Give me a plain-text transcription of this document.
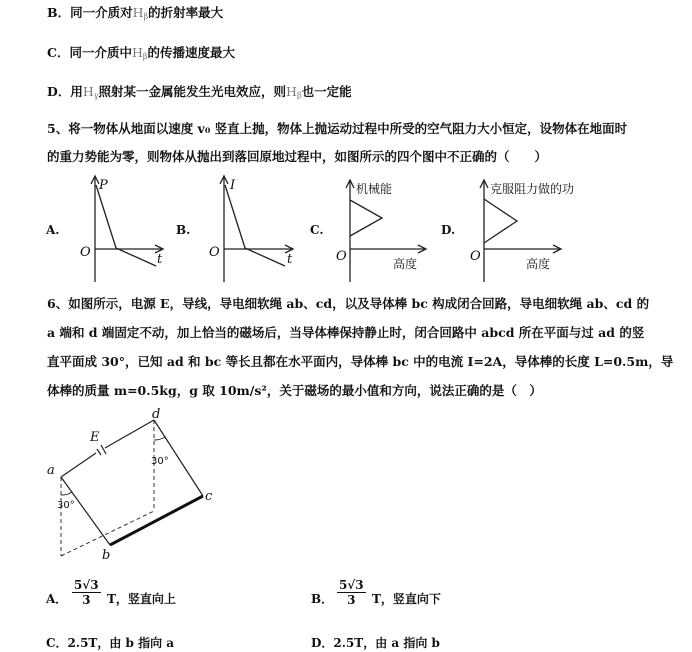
B．同一介质对$H_\beta$的折射率最大
C．同一介质中$H_\beta$的传播速度最大
D．用$H_\gamma$照射某一金属能发生光电效应，则$H_\beta$也一定能
5、将一物体从地面以速度 v₀ 竖直上抛，物体上抛运动过程中所受的空气阻力大小恒定，设物体在地面时
的重力势能为零，则物体从抛出到落回原地过程中，如图所示的四个图中不正确的（　　）
A.
P
t
O
B.
I
t
O
C.
机械能
高度
O
D.
克服阻力做的功
高度
O
E
a
b
c
d
30°
30°
6、如图所示，电源 E，导线，导电细软绳 ab、cd，以及导体棒 bc 构成闭合回路，导电细软绳 ab、cd 的
a 端和 d 端固定不动，加上恰当的磁场后，当导体棒保持静止时，闭合回路中 abcd 所在平面与过 ad 的竖
直平面成 30°，已知 ad 和 bc 等长且都在水平面内，导体棒 bc 中的电流 I=2A，导体棒的长度 L=0.5m，导
体棒的质量 m=0.5kg，g 取 10m/s²，关于磁场的最小值和方向，说法正确的是（　）
A． $\frac{5√3}{3}$ T，竖直向上	B． $\frac{5√3}{3}$ T，竖直向下
C．2.5T，由 b 指向 a	D．2.5T，由 a 指向 b
